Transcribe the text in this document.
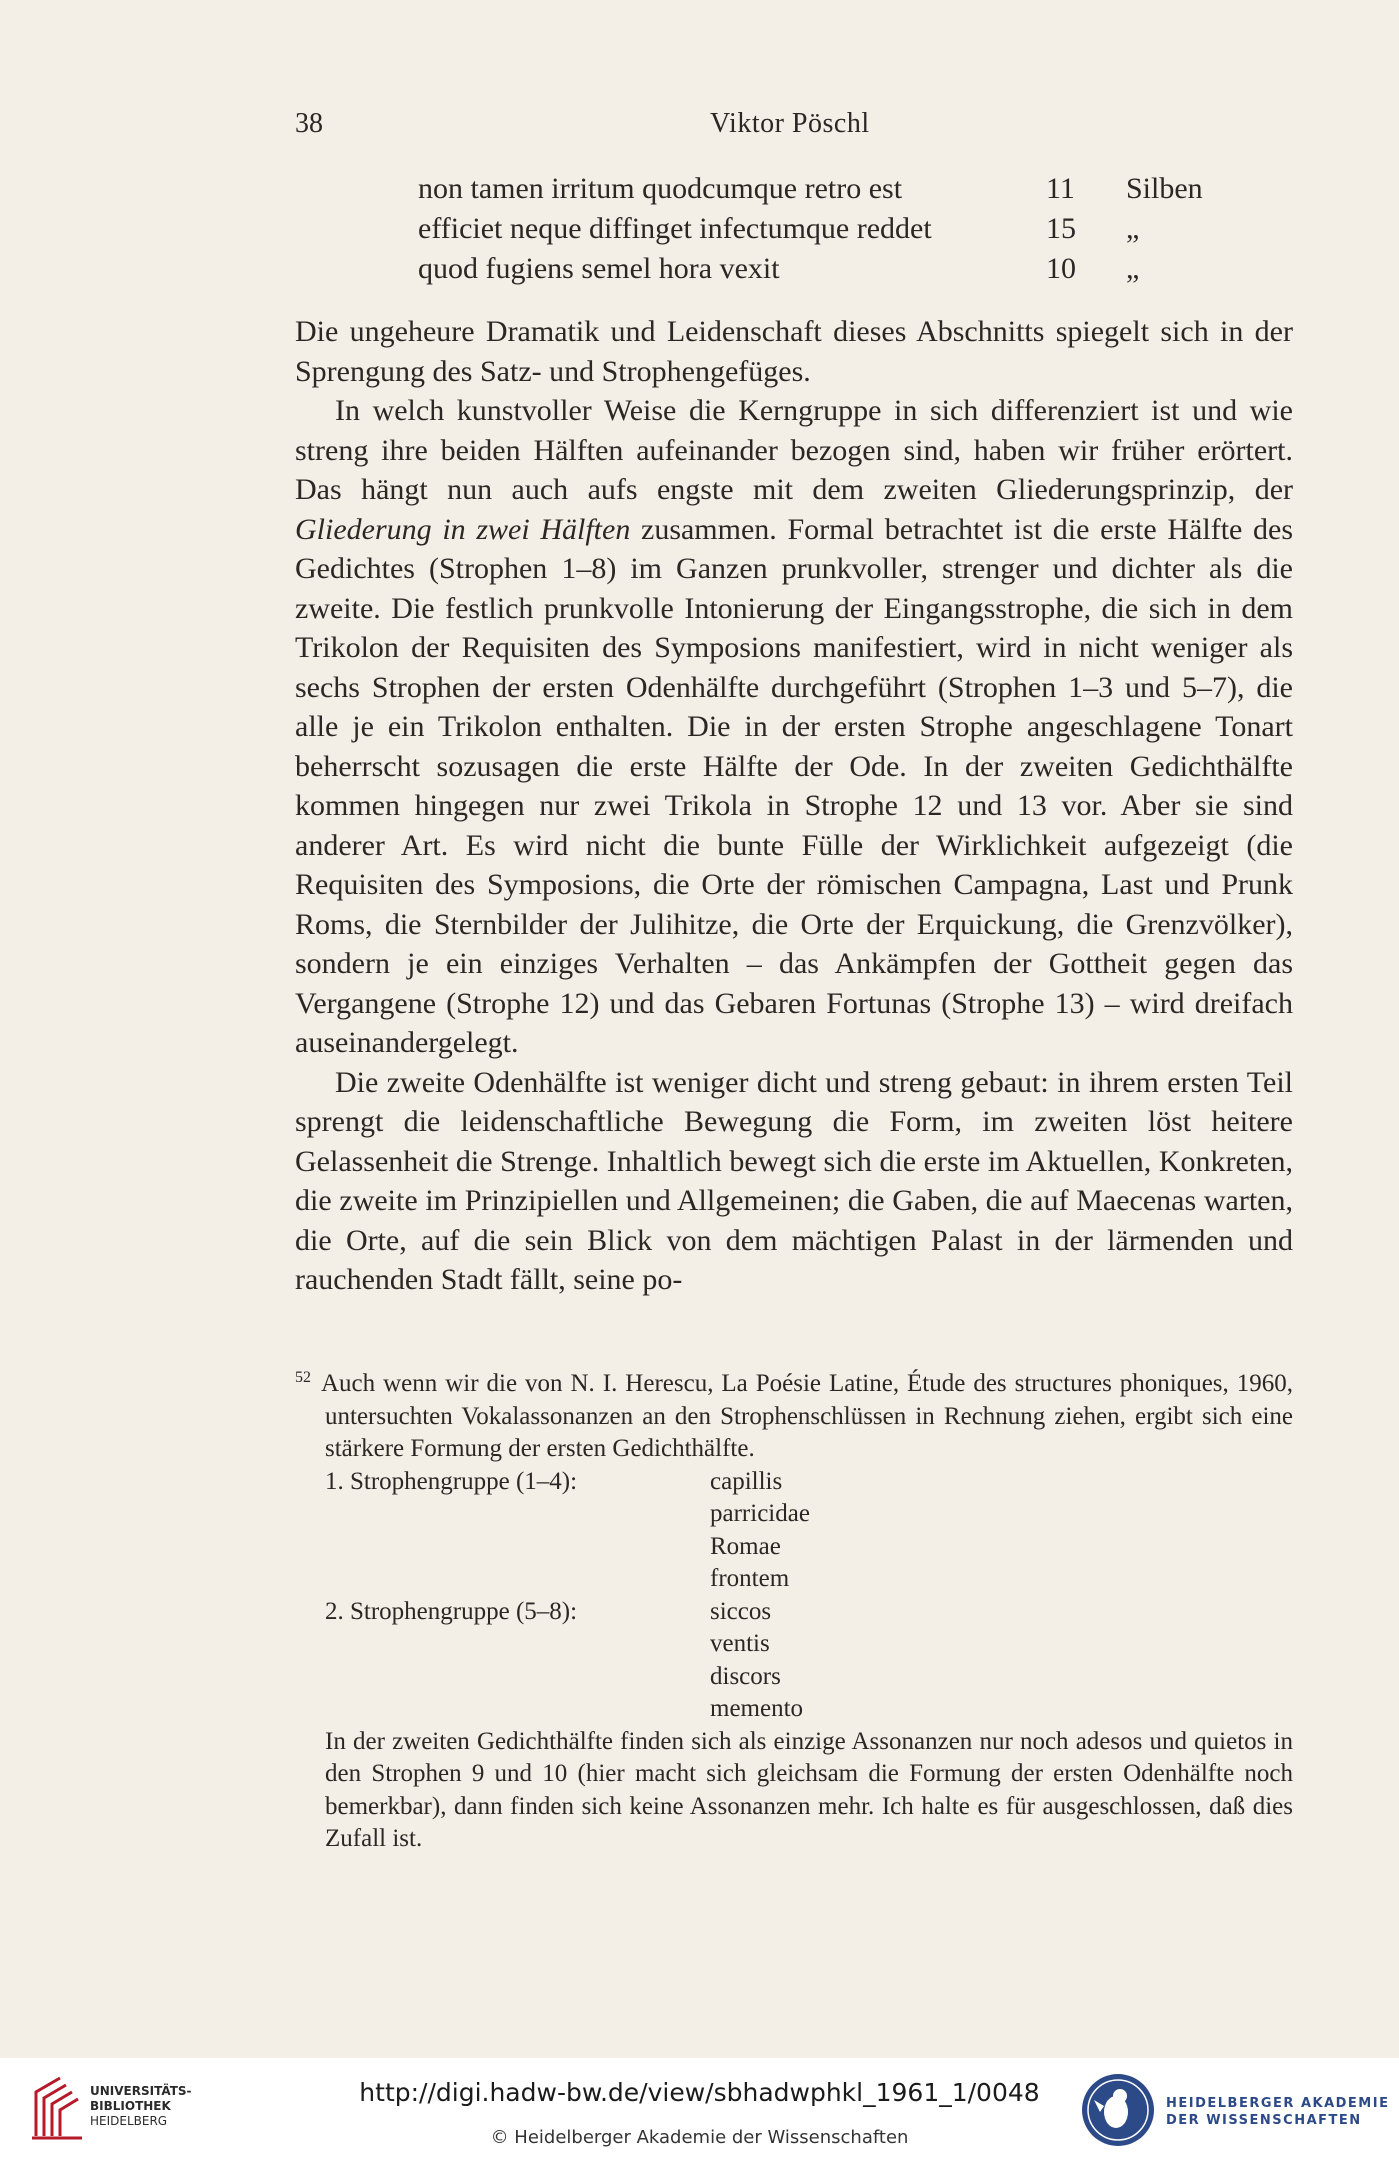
38	Viktor Pöschl
non tamen irritum quodcumque retro est	11 Silben
efficiet neque diffinget infectumque reddet	15 „
quod fugiens semel hora vexit	10 „

Die ungeheure Dramatik und Leidenschaft dieses Abschnitts spiegelt sich in der Sprengung des Satz- und Strophengefüges.

In welch kunstvoller Weise die Kerngruppe in sich differenziert ist und wie streng ihre beiden Hälften aufeinander bezogen sind, haben wir früher erörtert. Das hängt nun auch aufs engste mit dem zweiten Gliederungsprinzip, der Gliederung in zwei Hälften zusammen. Formal betrachtet ist die erste Hälfte des Gedichtes (Strophen 1–8) im Ganzen prunkvoller, strenger und dichter als die zweite. Die festlich prunkvolle Intonierung der Eingangsstrophe, die sich in dem Trikolon der Requisiten des Symposions manifestiert, wird in nicht weniger als sechs Strophen der ersten Odenhälfte durchgeführt (Strophen 1–3 und 5–7), die alle je ein Trikolon enthalten. Die in der ersten Strophe angeschlagene Tonart beherrscht sozusagen die erste Hälfte der Ode. In der zweiten Gedichthälfte kommen hingegen nur zwei Trikola in Strophe 12 und 13 vor. Aber sie sind anderer Art. Es wird nicht die bunte Fülle der Wirklichkeit aufgezeigt (die Requisiten des Symposions, die Orte der römischen Campagna, Last und Prunk Roms, die Sternbilder der Julihitze, die Orte der Erquickung, die Grenzvölker), sondern je ein einziges Verhalten – das Ankämpfen der Gottheit gegen das Vergangene (Strophe 12) und das Gebaren Fortunas (Strophe 13) – wird dreifach auseinandergelegt.

Die zweite Odenhälfte ist weniger dicht und streng gebaut: in ihrem ersten Teil sprengt die leidenschaftliche Bewegung die Form, im zweiten löst heitere Gelassenheit die Strenge. Inhaltlich bewegt sich die erste im Aktuellen, Konkreten, die zweite im Prinzipiellen und Allgemeinen; die Gaben, die auf Maecenas warten, die Orte, auf die sein Blick von dem mächtigen Palast in der lärmenden und rauchenden Stadt fällt, seine po-

$^{52}$ Auch wenn wir die von N. I. Herescu, La Poésie Latine, Étude des structures phoniques, 1960, untersuchten Vokalassonanzen an den Strophenschlüssen in Rechnung ziehen, ergibt sich eine stärkere Formung der ersten Gedichthälfte.

1. Strophengruppe (1–4):	capillis
parricidae
Romae
frontem
2. Strophengruppe (5–8):	siccos
ventis
discors
memento

In der zweiten Gedichthälfte finden sich als einzige Assonanzen nur noch adesos und quietos in den Strophen 9 und 10 (hier macht sich gleichsam die Formung der ersten Odenhälfte noch bemerkbar), dann finden sich keine Assonanzen mehr. Ich halte es für ausgeschlossen, daß dies Zufall ist.

UNIVERSITÄTS-
BIBLIOTHEK
HEIDELBERG
http://digi.hadw-bw.de/view/sbhadwphkl_1961_1/0048
© Heidelberger Akademie der Wissenschaften
HEIDELBERGER AKADEMIE
DER WISSENSCHAFTEN
